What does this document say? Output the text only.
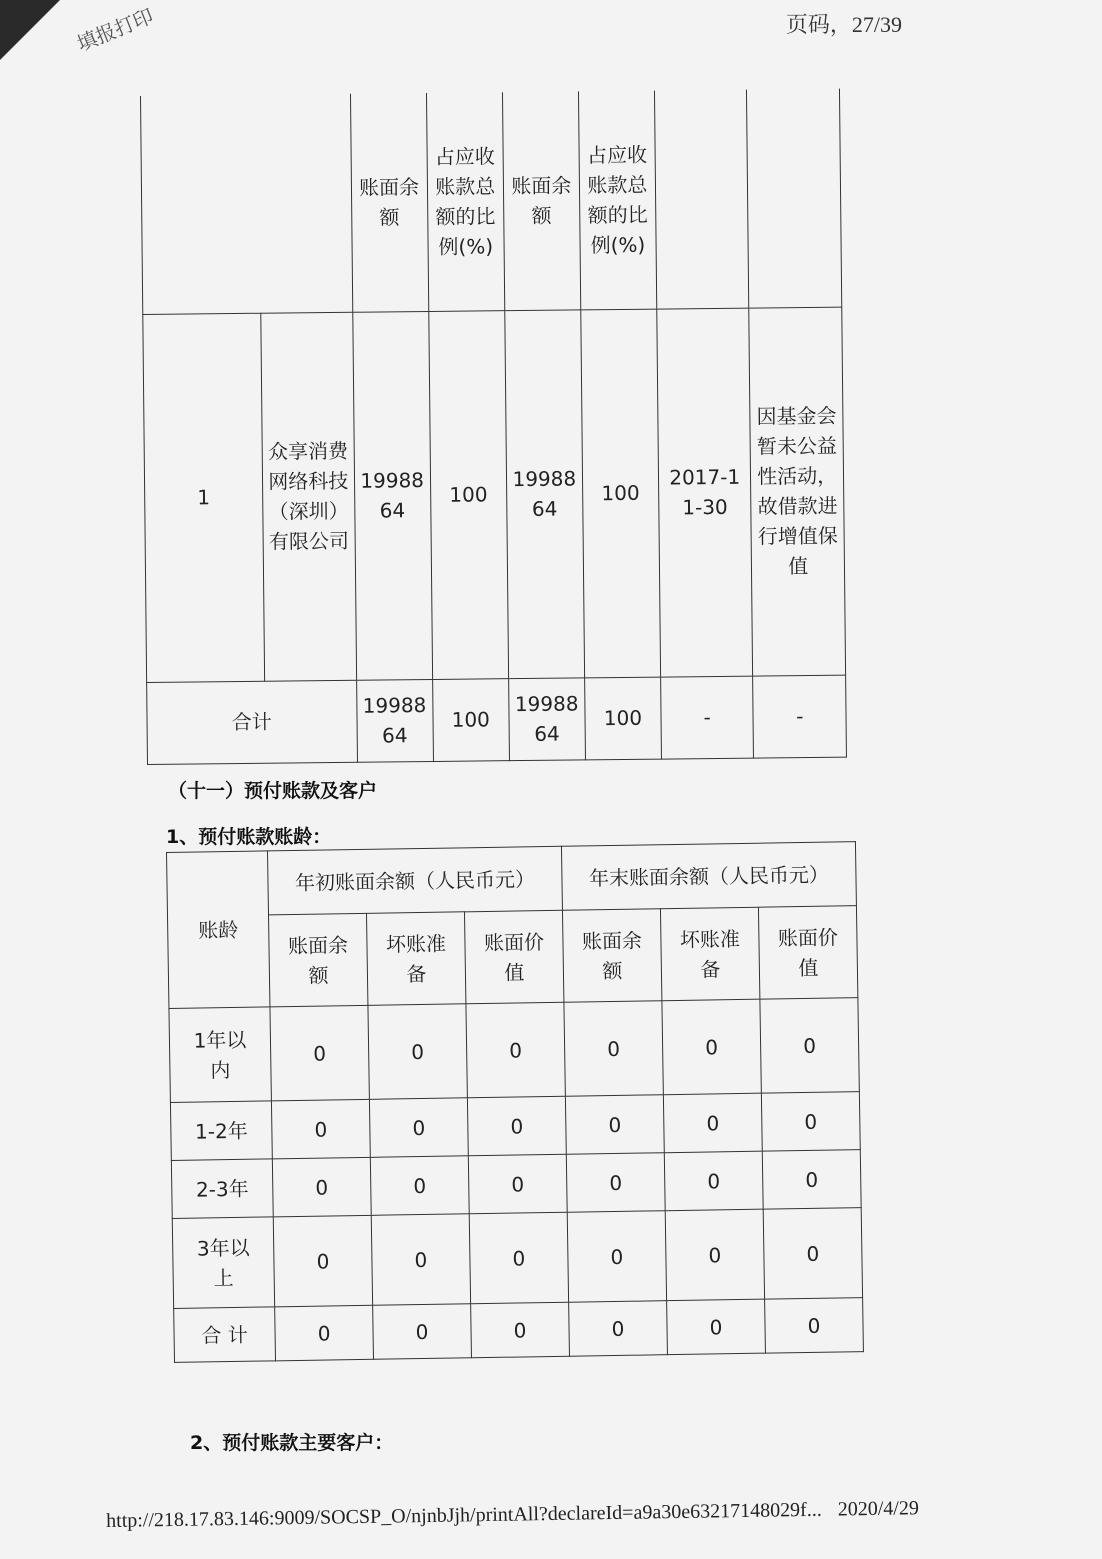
填报打印	页码，27/39
		账面余额	占应收账款总额的比例(%)	账面余额	占应收账款总额的比例(%)		
1	众享消费网络科技（深圳）有限公司	1998864	100	1998864	100	2017-11-30	因基金会暂未公益性活动，故借款进行增值保值
合计		1998864	100	1998864	100	-	-
（十一）预付账款及客户
1、预付账款账龄：
账龄	年初账面余额（人民币元）			年末账面余额（人民币元）		
	账面余额	坏账准备	账面价值	账面余额	坏账准备	账面价值
1年以内	0	0	0	0	0	0
1-2年	0	0	0	0	0	0
2-3年	0	0	0	0	0	0
3年以上	0	0	0	0	0	0
合 计	0	0	0	0	0	0
2、预付账款主要客户：
http://218.17.83.146:9009/SOCSP_O/njnbJjh/printAll?declareId=a9a30e63217148029f... 2020/4/29
